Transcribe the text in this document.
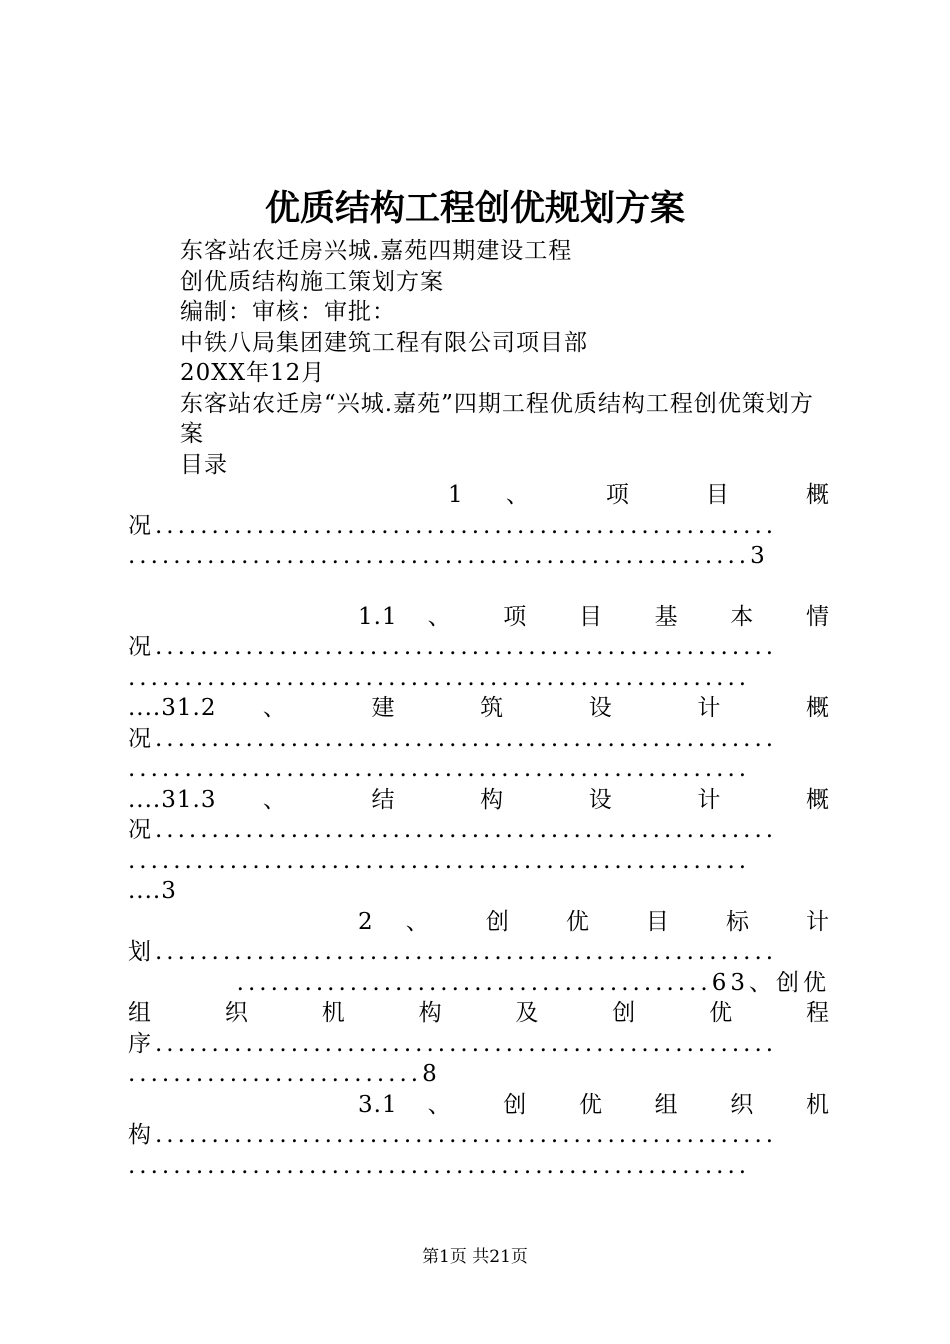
优质结构工程创优规划方案
东客站农迁房兴城.嘉苑四期建设工程
创优质结构施工策划方案
编制：审核：审批：
中铁八局集团建筑工程有限公司项目部
20XX年12月
东客站农迁房“兴城.嘉苑”四期工程优质结构工程创优策划方案
目录
1 、 项 目 概
况.......................................................
.......................................................3
1.1 、 项 目 基 本 情
况.......................................................
.......................................................
....31.2 、 建 筑 设 计 概
况.......................................................
.......................................................
....31.3 、 结 构 设 计 概
况.......................................................
.......................................................
....3
2 、 创 优 目 标 计
划.......................................................
..........................................63、创优
组 织 机 构 及 创 优 程
序.......................................................
..........................8
3.1 、 创 优 组 织 机
构.......................................................
.......................................................
第1页 共21页
